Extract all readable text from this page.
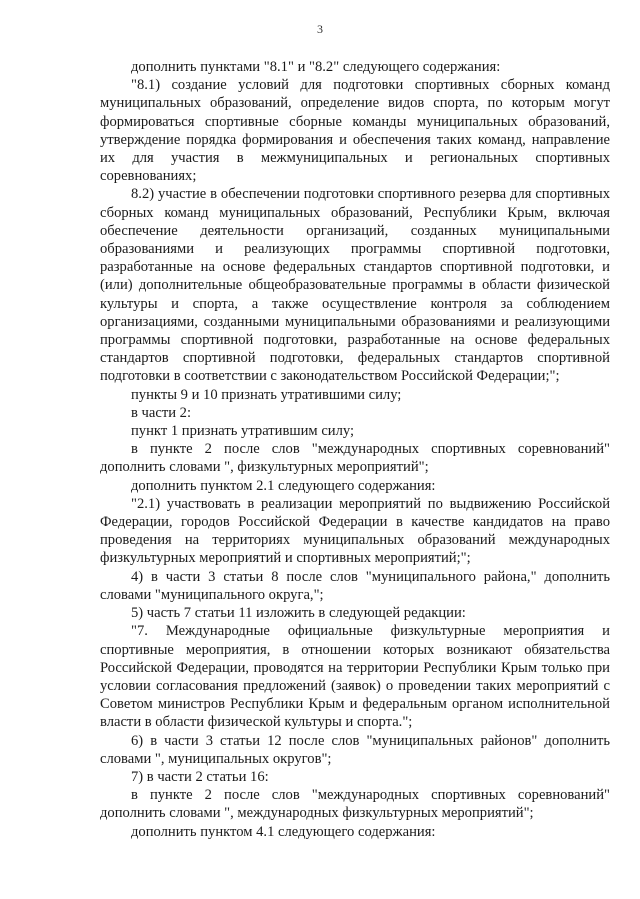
3

дополнить пунктами "8.1" и "8.2" следующего содержания:

"8.1) создание условий для подготовки спортивных сборных команд муниципальных образований, определение видов спорта, по которым могут формироваться спортивные сборные команды муниципальных образований, утверждение порядка формирования и обеспечения таких команд, направление их для участия в межмуниципальных и региональных спортивных соревнованиях;

8.2) участие в обеспечении подготовки спортивного резерва для спортивных сборных команд муниципальных образований, Республики Крым, включая обеспечение деятельности организаций, созданных муниципальными образованиями и реализующих программы спортивной подготовки, разработанные на основе федеральных стандартов спортивной подготовки, и (или) дополнительные общеобразовательные программы в области физической культуры и спорта, а также осуществление контроля за соблюдением организациями, созданными муниципальными образованиями и реализующими программы спортивной подготовки, разработанные на основе федеральных стандартов спортивной подготовки, федеральных стандартов спортивной подготовки в соответствии с законодательством Российской Федерации;";

пункты 9 и 10 признать утратившими силу;

в части 2:

пункт 1 признать утратившим силу;

в пункте 2 после слов "международных спортивных соревнований" дополнить словами ", физкультурных мероприятий";

дополнить пунктом 2.1 следующего содержания:

"2.1) участвовать в реализации мероприятий по выдвижению Российской Федерации, городов Российской Федерации в качестве кандидатов на право проведения на территориях муниципальных образований международных физкультурных мероприятий и спортивных мероприятий;";

4) в части 3 статьи 8 после слов "муниципального района," дополнить словами "муниципального округа,";

5) часть 7 статьи 11 изложить в следующей редакции:

"7. Международные официальные физкультурные мероприятия и спортивные мероприятия, в отношении которых возникают обязательства Российской Федерации, проводятся на территории Республики Крым только при условии согласования предложений (заявок) о проведении таких мероприятий с Советом министров Республики Крым и федеральным органом исполнительной власти в области физической культуры и спорта.";

6) в части 3 статьи 12 после слов "муниципальных районов" дополнить словами ", муниципальных округов";

7) в части 2 статьи 16:

в пункте 2 после слов "международных спортивных соревнований" дополнить словами ", международных физкультурных мероприятий";

дополнить пунктом 4.1 следующего содержания:
